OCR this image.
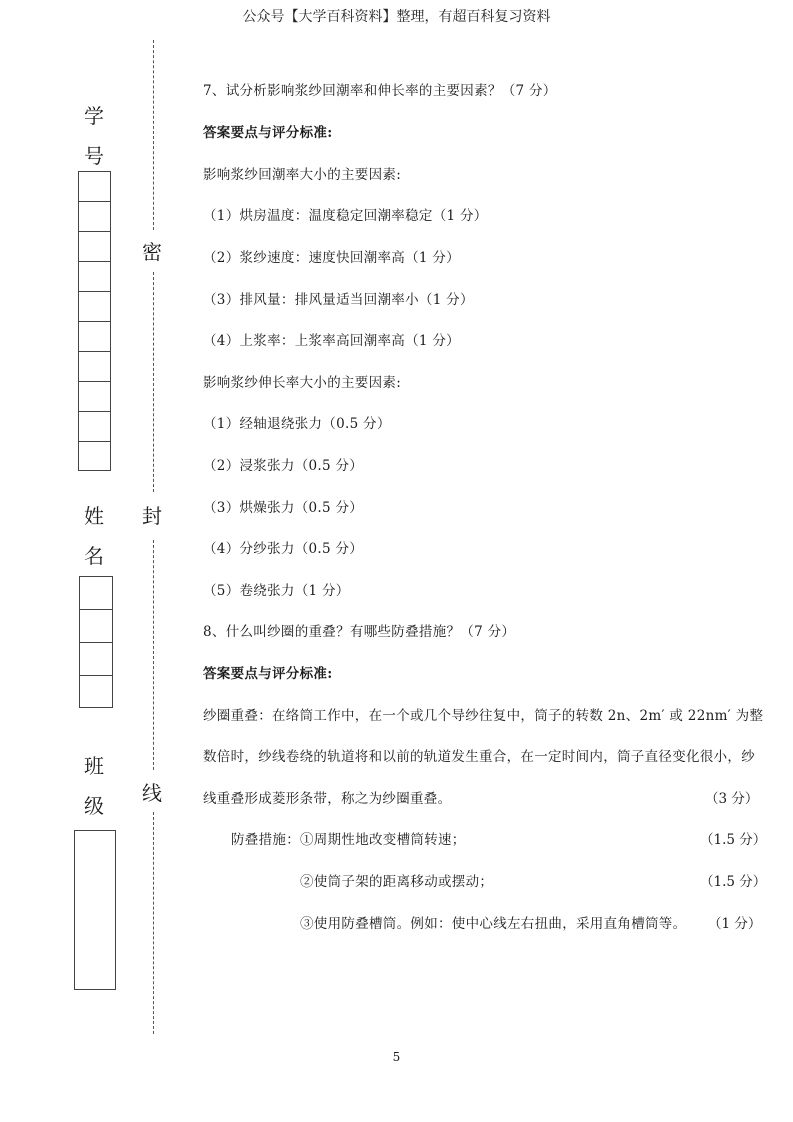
公众号【大学百科资料】整理，有超百科复习资料
密
封
线
学
号
姓
名
班
级
7、试分析影响浆纱回潮率和伸长率的主要因素？（7 分）
答案要点与评分标准:
影响浆纱回潮率大小的主要因素:
（1）烘房温度：温度稳定回潮率稳定（1 分）
（2）浆纱速度：速度快回潮率高（1 分）
（3）排风量：排风量适当回潮率小（1 分）
（4）上浆率：上浆率高回潮率高（1 分）
影响浆纱伸长率大小的主要因素:
（1）经轴退绕张力（0.5 分）
（2）浸浆张力（0.5 分）
（3）烘燥张力（0.5 分）
（4）分纱张力（0.5 分）
（5）卷绕张力（1 分）
8、什么叫纱圈的重叠？有哪些防叠措施？（7 分）
答案要点与评分标准:
纱圈重叠：在络筒工作中，在一个或几个导纱往复中，筒子的转数 2n、2m′ 或 22nm′ 为整
数倍时，纱线卷绕的轨道将和以前的轨道发生重合，在一定时间内，筒子直径变化很小，纱
线重叠形成菱形条带，称之为纱圈重叠。	（3 分）
防叠措施：①周期性地改变槽筒转速；	（1.5 分）
②使筒子架的距离移动或摆动；	（1.5 分）
③使用防叠槽筒。例如：使中心线左右扭曲，采用直角槽筒等。 （1 分）
5
